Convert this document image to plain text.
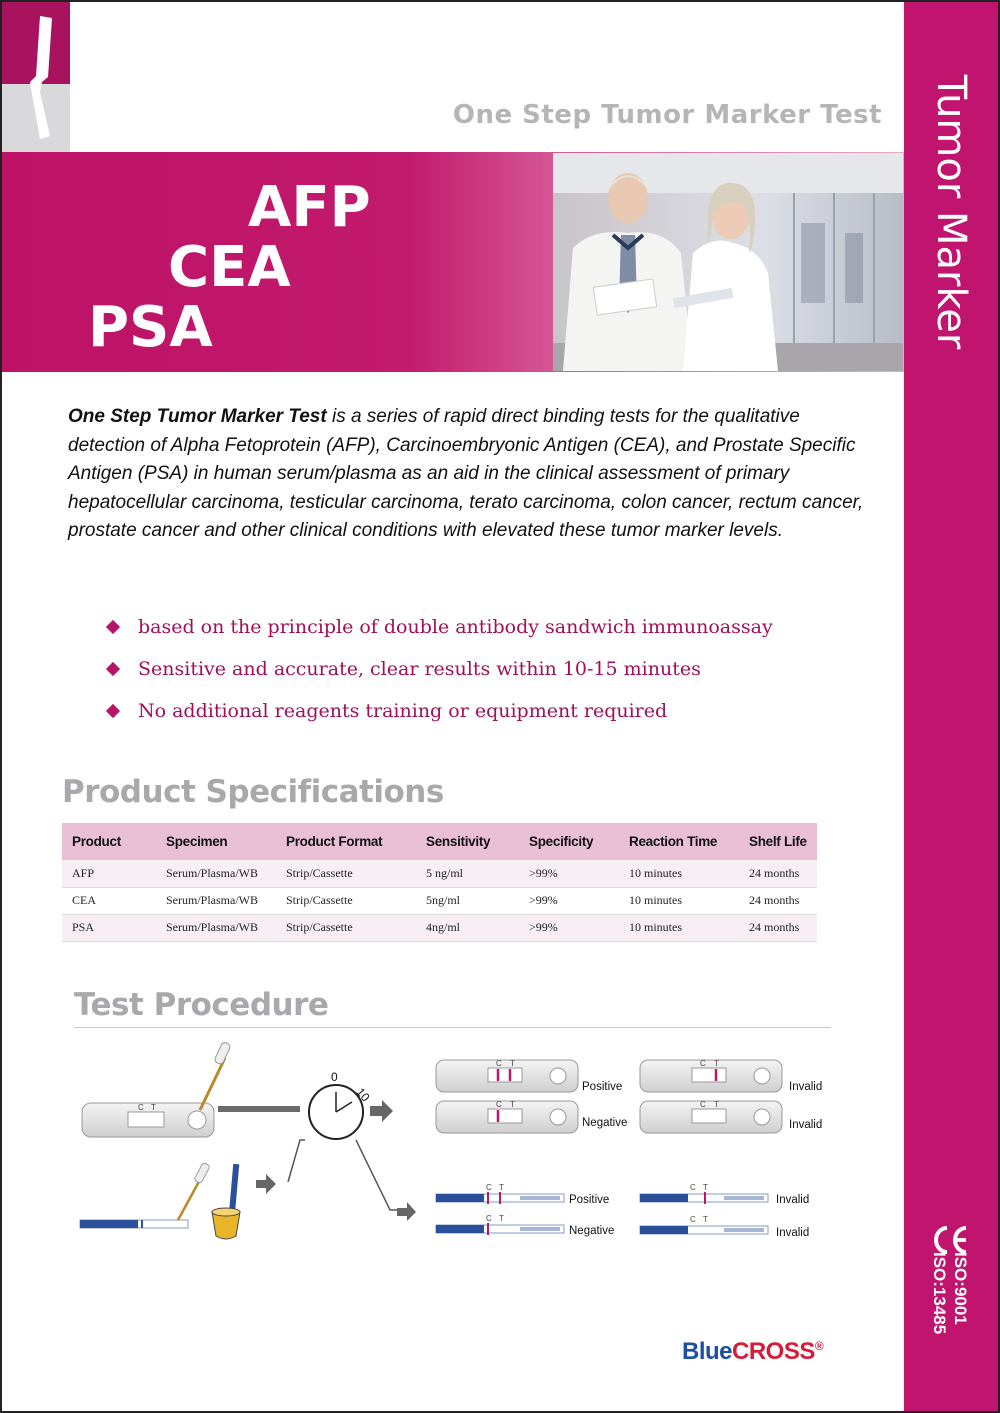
One Step Tumor Marker Test Tumor Marker
ISO:9001
ISO:13485
AFP
CEA
PSA

One Step Tumor Marker Test is a series of rapid direct binding tests for the qualitative detection of Alpha Fetoprotein (AFP), Carcinoembryonic Antigen (CEA), and Prostate Specific Antigen (PSA) in human serum/plasma as an aid in the clinical assessment of primary hepatocellular carcinoma, testicular carcinoma, terato carcinoma, colon cancer, rectum cancer, prostate cancer and other clinical conditions with elevated these tumor marker levels.

based on the principle of double antibody sandwich immunoassay
Sensitive and accurate, clear results within 10-15 minutes
No additional reagents training or equipment required
Product Specifications
Product	Specimen	Product Format	Sensitivity	Specificity	Reaction Time	Shelf Life
AFP	Serum/Plasma/WB	Strip/Cassette	5 ng/ml	>99%	10 minutes	24 months
CEA	Serum/Plasma/WB	Strip/Cassette	5ng/ml	>99%	10 minutes	24 months
PSA	Serum/Plasma/WB	Strip/Cassette	4ng/ml	>99%	10 minutes	24 months
Test Procedure
C T
0
10
C T
Positive
C T
Negative
C T
Invalid
C T
Invalid
C T
Positive
C T
Negative
C T
Invalid
C T
Invalid
BlueCROSS®
